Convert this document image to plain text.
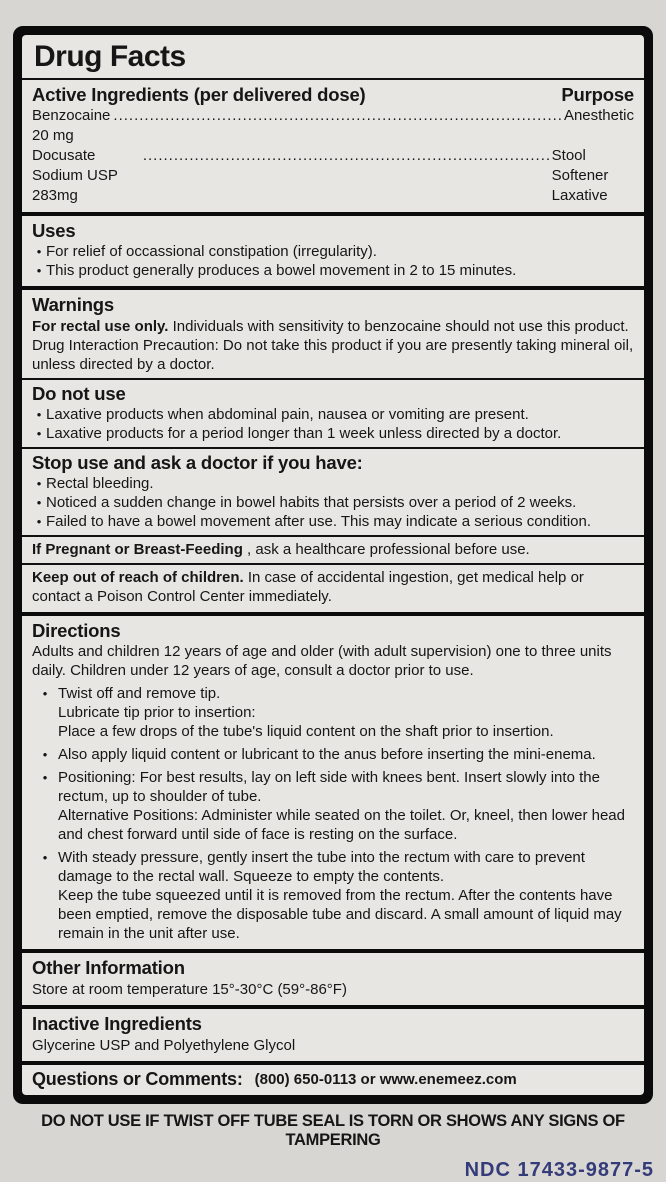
Drug Facts
Active Ingredients (per delivered dose)	Purpose
Benzocaine 20 mg
.....
Anesthetic
Docusate Sodium USP 283mg
.....
Stool Softener Laxative
Uses
• For relief of occassional constipation (irregularity).
• This product generally produces a bowel movement in 2 to 15 minutes.
Warnings

For rectal use only. Individuals with sensitivity to benzocaine should not use this product. Drug Interaction Precaution: Do not take this product if you are presently taking mineral oil, unless directed by a doctor.

Do not use
• Laxative products when abdominal pain, nausea or vomiting are present.
• Laxative products for a period longer than 1 week unless directed by a doctor.
Stop use and ask a doctor if you have:
• Rectal bleeding.
• Noticed a sudden change in bowel habits that persists over a period of 2 weeks.
• Failed to have a bowel movement after use. This may indicate a serious condition.

If Pregnant or Breast-Feeding , ask a healthcare professional before use.

Keep out of reach of children. In case of accidental ingestion, get medical help or contact a Poison Control Center immediately.

Directions

Adults and children 12 years of age and older (with adult supervision) one to three units daily. Children under 12 years of age, consult a doctor prior to use.

• Twist off and remove tip.
Lubricate tip prior to insertion:
Place a few drops of the tube's liquid content on the shaft prior to insertion.
• Also apply liquid content or lubricant to the anus before inserting the mini-enema.
• Positioning: For best results, lay on left side with knees bent. Insert slowly into the rectum, up to shoulder of tube.
Alternative Positions: Administer while seated on the toilet. Or, kneel, then lower head and chest forward until side of face is resting on the surface.
• With steady pressure, gently insert the tube into the rectum with care to prevent damage to the rectal wall. Squeeze to empty the contents.
Keep the tube squeezed until it is removed from the rectum. After the contents have been emptied, remove the disposable tube and discard. A small amount of liquid may remain in the unit after use.
Other Information

Store at room temperature 15°-30°C (59°-86°F)

Inactive Ingredients

Glycerine USP and Polyethylene Glycol

Questions or Comments: (800) 650-0113 or www.enemeez.com
DO NOT USE IF TWIST OFF TUBE SEAL IS TORN OR SHOWS ANY SIGNS OF TAMPERING
NDC 17433-9877-5
